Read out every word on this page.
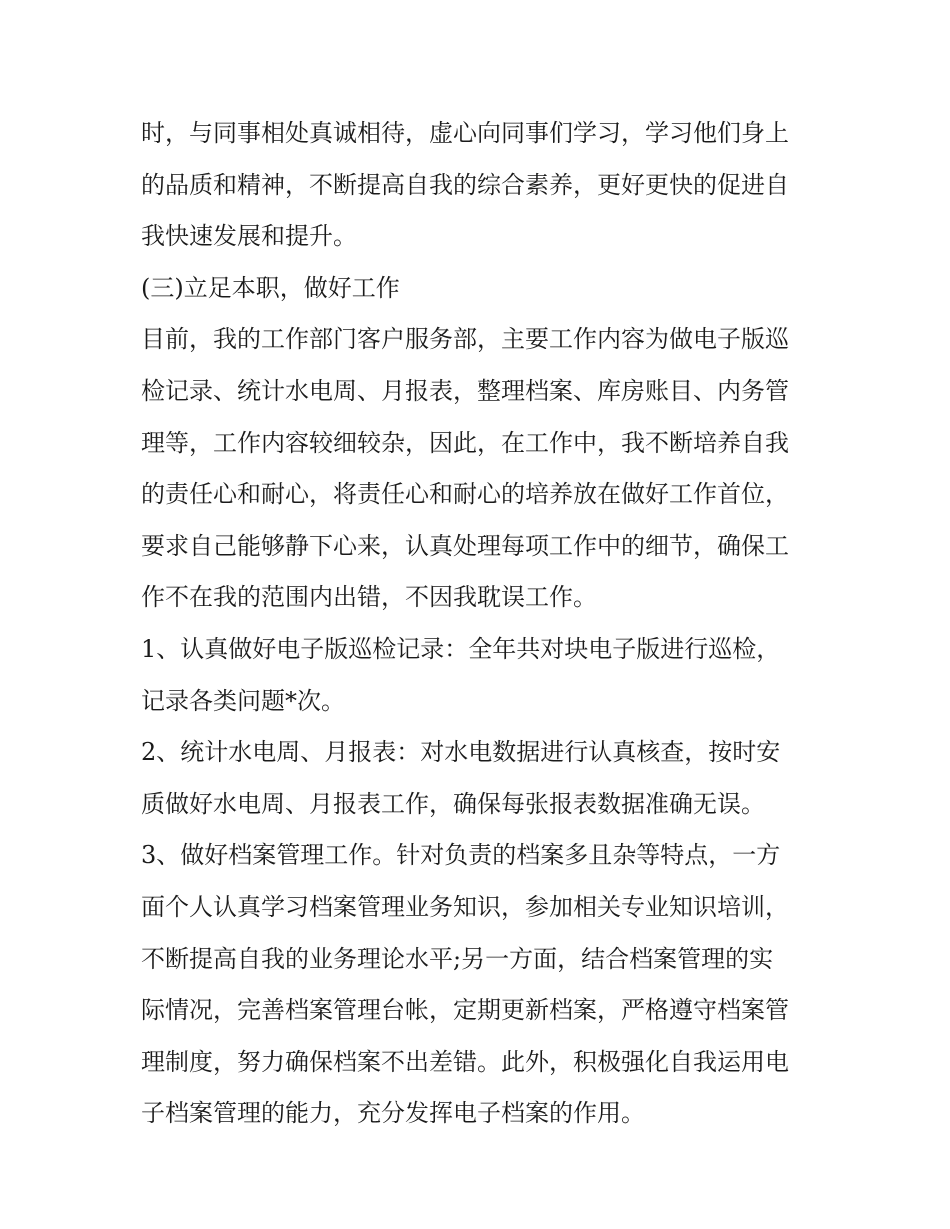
时，与同事相处真诚相待，虚心向同事们学习，学习他们身上
的品质和精神，不断提高自我的综合素养，更好更快的促进自
我快速发展和提升。
(三)立足本职，做好工作
目前，我的工作部门客户服务部，主要工作内容为做电子版巡
检记录、统计水电周、月报表，整理档案、库房账目、内务管
理等，工作内容较细较杂，因此，在工作中，我不断培养自我
的责任心和耐心，将责任心和耐心的培养放在做好工作首位，
要求自己能够静下心来，认真处理每项工作中的细节，确保工
作不在我的范围内出错，不因我耽误工作。
1、认真做好电子版巡检记录：全年共对块电子版进行巡检，
记录各类问题*次。
2、统计水电周、月报表：对水电数据进行认真核查，按时安
质做好水电周、月报表工作，确保每张报表数据准确无误。
3、做好档案管理工作。针对负责的档案多且杂等特点，一方
面个人认真学习档案管理业务知识，参加相关专业知识培训，
不断提高自我的业务理论水平;另一方面，结合档案管理的实
际情况，完善档案管理台帐，定期更新档案，严格遵守档案管
理制度，努力确保档案不出差错。此外，积极强化自我运用电
子档案管理的能力，充分发挥电子档案的作用。
